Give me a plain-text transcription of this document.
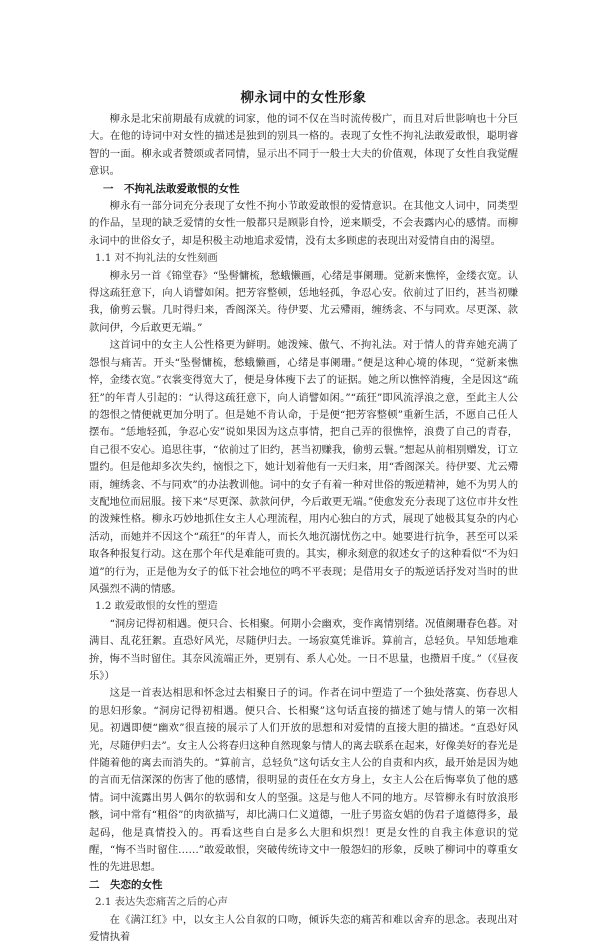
柳永词中的女性形象

柳永是北宋前期最有成就的词家，他的词不仅在当时流传极广，而且对后世影响也十分巨大。在他的诗词中对女性的描述是独到的别具一格的。表现了女性不拘礼法敢爱敢恨，聪明睿智的一面。柳永或者赞颂或者同情，显示出不同于一般士大夫的价值观，体现了女性自我觉醒意识。

一　不拘礼法敢爱敢恨的女性

柳永有一部分词充分表现了女性不拘小节敢爱敢恨的爱情意识。在其他文人词中，同类型的作品，呈现的缺乏爱情的女性一般都只是顾影自怜，逆来顺受，不会表露内心的感情。而柳永词中的世俗女子，却是积极主动地追求爱情，没有太多顾虑的表现出对爱情自由的渴望。

1.1 对不拘礼法的女性刻画

柳永另一首《锦堂春》“坠髻慵梳，愁蛾懒画，心绪是事阑珊。觉新来憔悴，金缕衣宽。认得这疏狂意下，向人诮譬如闲。把芳容整顿，恁地轻孤，争忍心安。依前过了旧约，甚当初赚我，偷剪云鬟。几时得归来，香阁深关。待伊要、尤云殢雨，缠绣衾、不与同欢。尽更深、款款问伊，今后敢更无端。”

这首词中的女主人公性格更为鲜明。她泼辣、傲气、不拘礼法。对于情人的背弃她充满了怨恨与痛苦。开头“坠髻慵梳，愁蛾懒画，心绪是事阑珊。”便是这种心境的体现，“觉新来憔悴，金缕衣宽。”衣裳变得宽大了，便是身体瘦下去了的证据。她之所以憔悴消瘦，全是因这“疏狂”的年青人引起的：“认得这疏狂意下，向人诮譬如闲。”“疏狂”即风流浮浪之意，至此主人公的怨恨之情便就更加分明了。但是她不肯认命，于是便“把芳容整顿”重新生活，不愿自己任人摆布。“恁地轻孤，争忍心安”说如果因为这点事情，把自己弄的很憔悴，浪费了自己的青春，自己很不安心。追思往事，“依前过了旧约，甚当初赚我，偷剪云鬟。”想起从前相别赠发，订立盟约。但是他却多次失约，恼恨之下，她计划着他有一天归来，用“香阁深关。待伊要、尤云殢雨，缠绣衾、不与同欢”的办法教训他。词中的女子有着一种对世俗的叛逆精神，她不为男人的支配地位而屈服。接下来“尽更深、款款问伊，今后敢更无端。”使愈发充分表现了这位市井女性的泼辣性格。柳永巧妙地抓住女主人心理流程，用内心独白的方式，展现了她极其复杂的内心活动，而她并不因这个“疏狂”的年青人，而长久地沉溺忧伤之中。她要进行抗争，甚至可以采取各种报复行动。这在那个年代是难能可贵的。其实，柳永刻意的叙述女子的这种看似“不为妇道”的行为，正是他为女子的低下社会地位的鸣不平表现；是借用女子的叛逆话抒发对当时的世风强烈不满的情感。

1.2 敢爱敢恨的女性的塑造

“洞房记得初相遇。便只合、长相聚。何期小会幽欢，变作离情别绪。况值阑珊春色暮。对满目、乱花狂絮。直恐好风光，尽随伊归去。一场寂寞凭谁诉。算前言，总轻负。早知恁地难拚，悔不当时留住。其奈风流端正外，更别有、系人心处。一日不思量，也攒眉千度。”（《昼夜乐》）

这是一首表达相思和怀念过去相聚日子的词。作者在词中塑造了一个独处落寞、伤春思人的思妇形象。“洞房记得初相遇。便只合、长相聚”这句话直接的描述了她与情人的第一次相见。初遇即便“幽欢”很直接的展示了人们开放的思想和对爱情的直接大胆的描述。“直恐好风光，尽随伊归去”。女主人公将春归这种自然现象与情人的离去联系在起来，好像美好的春光是伴随着他的离去而消失的。“算前言，总轻负”这句话女主人公的自责和内疚，最开始是因为她的言而无信深深的伤害了他的感情，很明显的责任在女方身上，女主人公在后悔辜负了他的感情。词中流露出男人偶尔的软弱和女人的坚强。这是与他人不同的地方。尽管柳永有时放浪形骸，词中常有“粗俗”的肉欲描写，却比满口仁义道德，一肚子男盗女娼的伪君子道德得多，最起码，他是真情投入的。再看这些自白是多么大胆和炽烈！更是女性的自我主体意识的觉醒，“悔不当时留住……”敢爱敢恨，突破传统诗文中一般怨妇的形象，反映了柳词中的尊重女性的先进思想。

二　失恋的女性
2.1 表达失恋痛苦之后的心声

在《满江红》中，以女主人公自叙的口吻，倾诉失恋的痛苦和难以舍弃的思念。表现出对爱情执着
